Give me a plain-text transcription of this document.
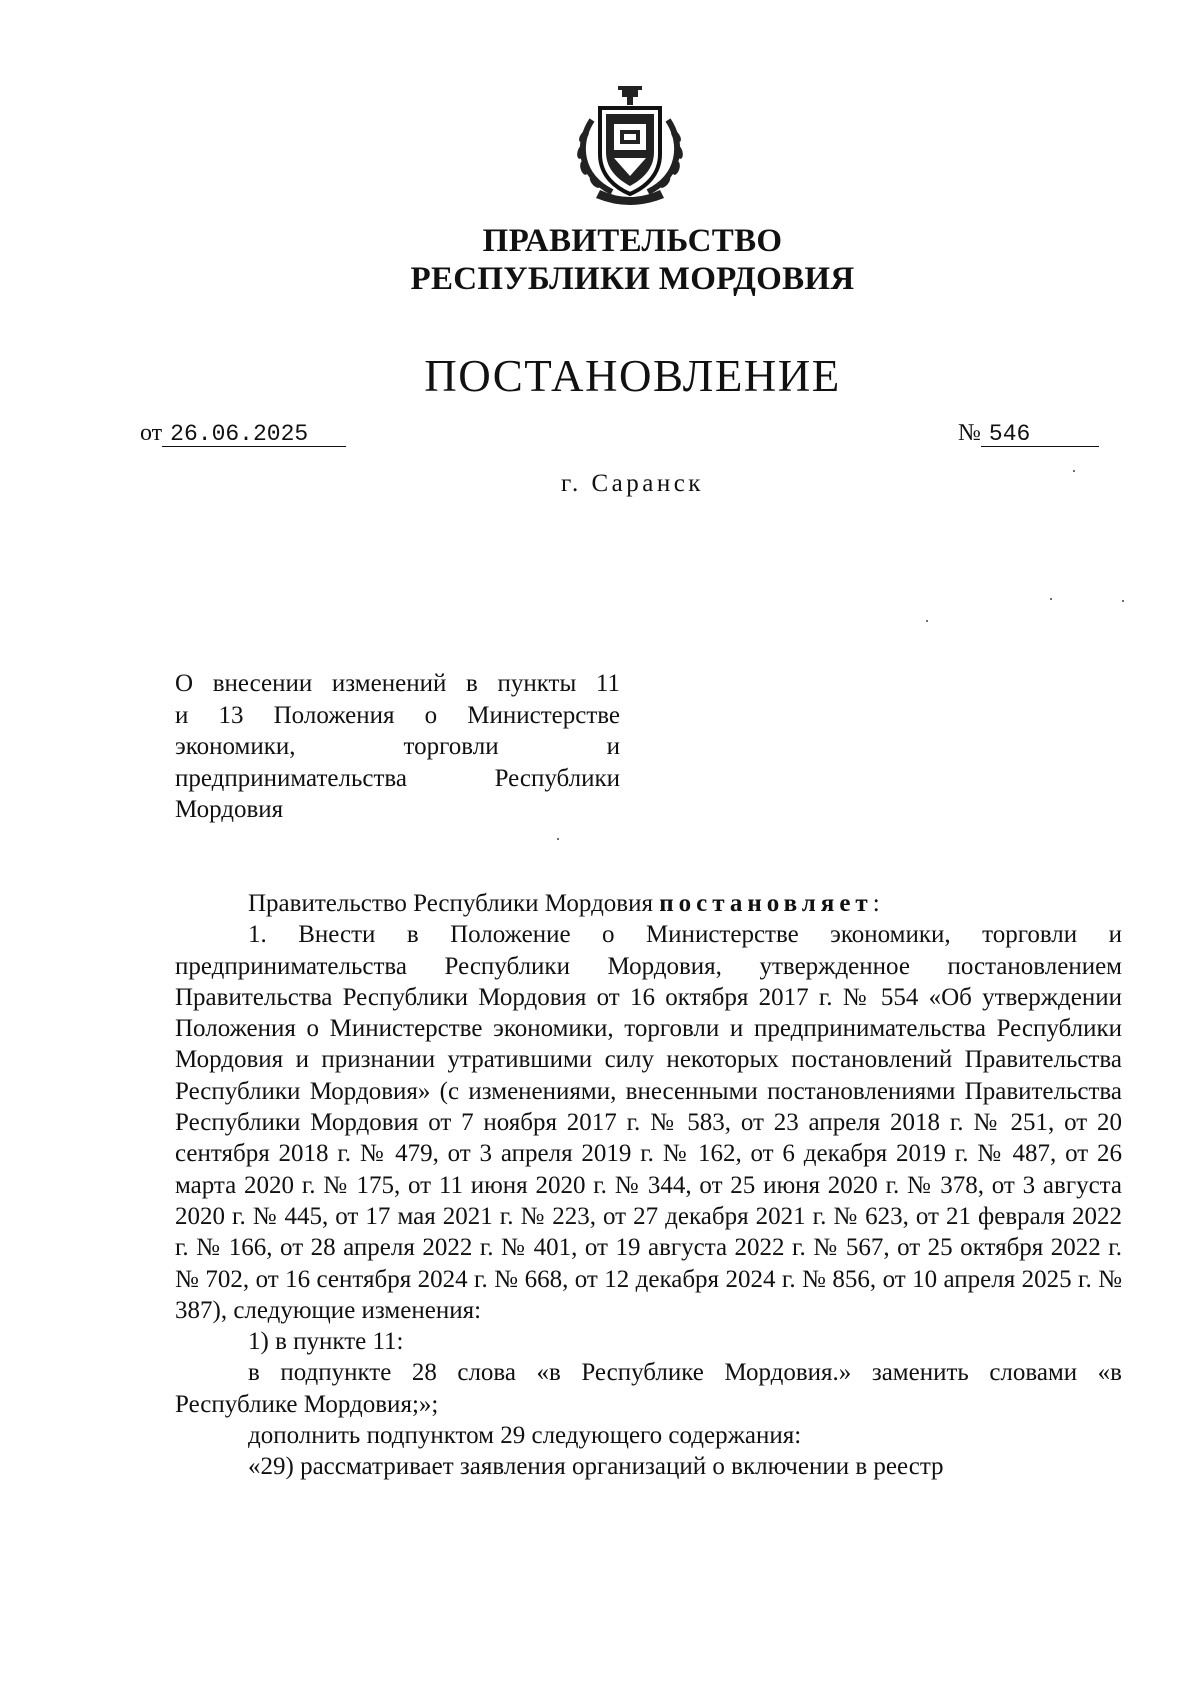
ПРАВИТЕЛЬСТВО
РЕСПУБЛИКИ МОРДОВИЯ
ПОСТАНОВЛЕНИЕ
от 26.06.2025	№ 546
г. Саранск
О внесении изменений в пункты 11
и 13 Положения о Министерстве
экономики, торговли и
предпринимательства Республики
Мордовия

Правительство Республики Мордовия постановляет:

1. Внести в Положение о Министерстве экономики, торговли и предпринимательства Республики Мордовия, утвержденное постановлением Правительства Республики Мордовия от 16 октября 2017 г. № 554 «Об утверждении Положения о Министерстве экономики, торговли и предпринимательства Республики Мордовия и признании утратившими силу некоторых постановлений Правительства Республики Мордовия» (с изменениями, внесенными постановлениями Правительства Республики Мордовия от 7 ноября 2017 г. № 583, от 23 апреля 2018 г. № 251, от 20 сентября 2018 г. № 479, от 3 апреля 2019 г. № 162, от 6 декабря 2019 г. № 487, от 26 марта 2020 г. № 175, от 11 июня 2020 г. № 344, от 25 июня 2020 г. № 378, от 3 августа 2020 г. № 445, от 17 мая 2021 г. № 223, от 27 декабря 2021 г. № 623, от 21 февраля 2022 г. № 166, от 28 апреля 2022 г. № 401, от 19 августа 2022 г. № 567, от 25 октября 2022 г. № 702, от 16 сентября 2024 г. № 668, от 12 декабря 2024 г. № 856, от 10 апреля 2025 г. № 387), следующие изменения:

1) в пункте 11:

в подпункте 28 слова «в Республике Мордовия.» заменить словами «в Республике Мордовия;»;

дополнить подпунктом 29 следующего содержания:

«29) рассматривает заявления организаций о включении в реестр
